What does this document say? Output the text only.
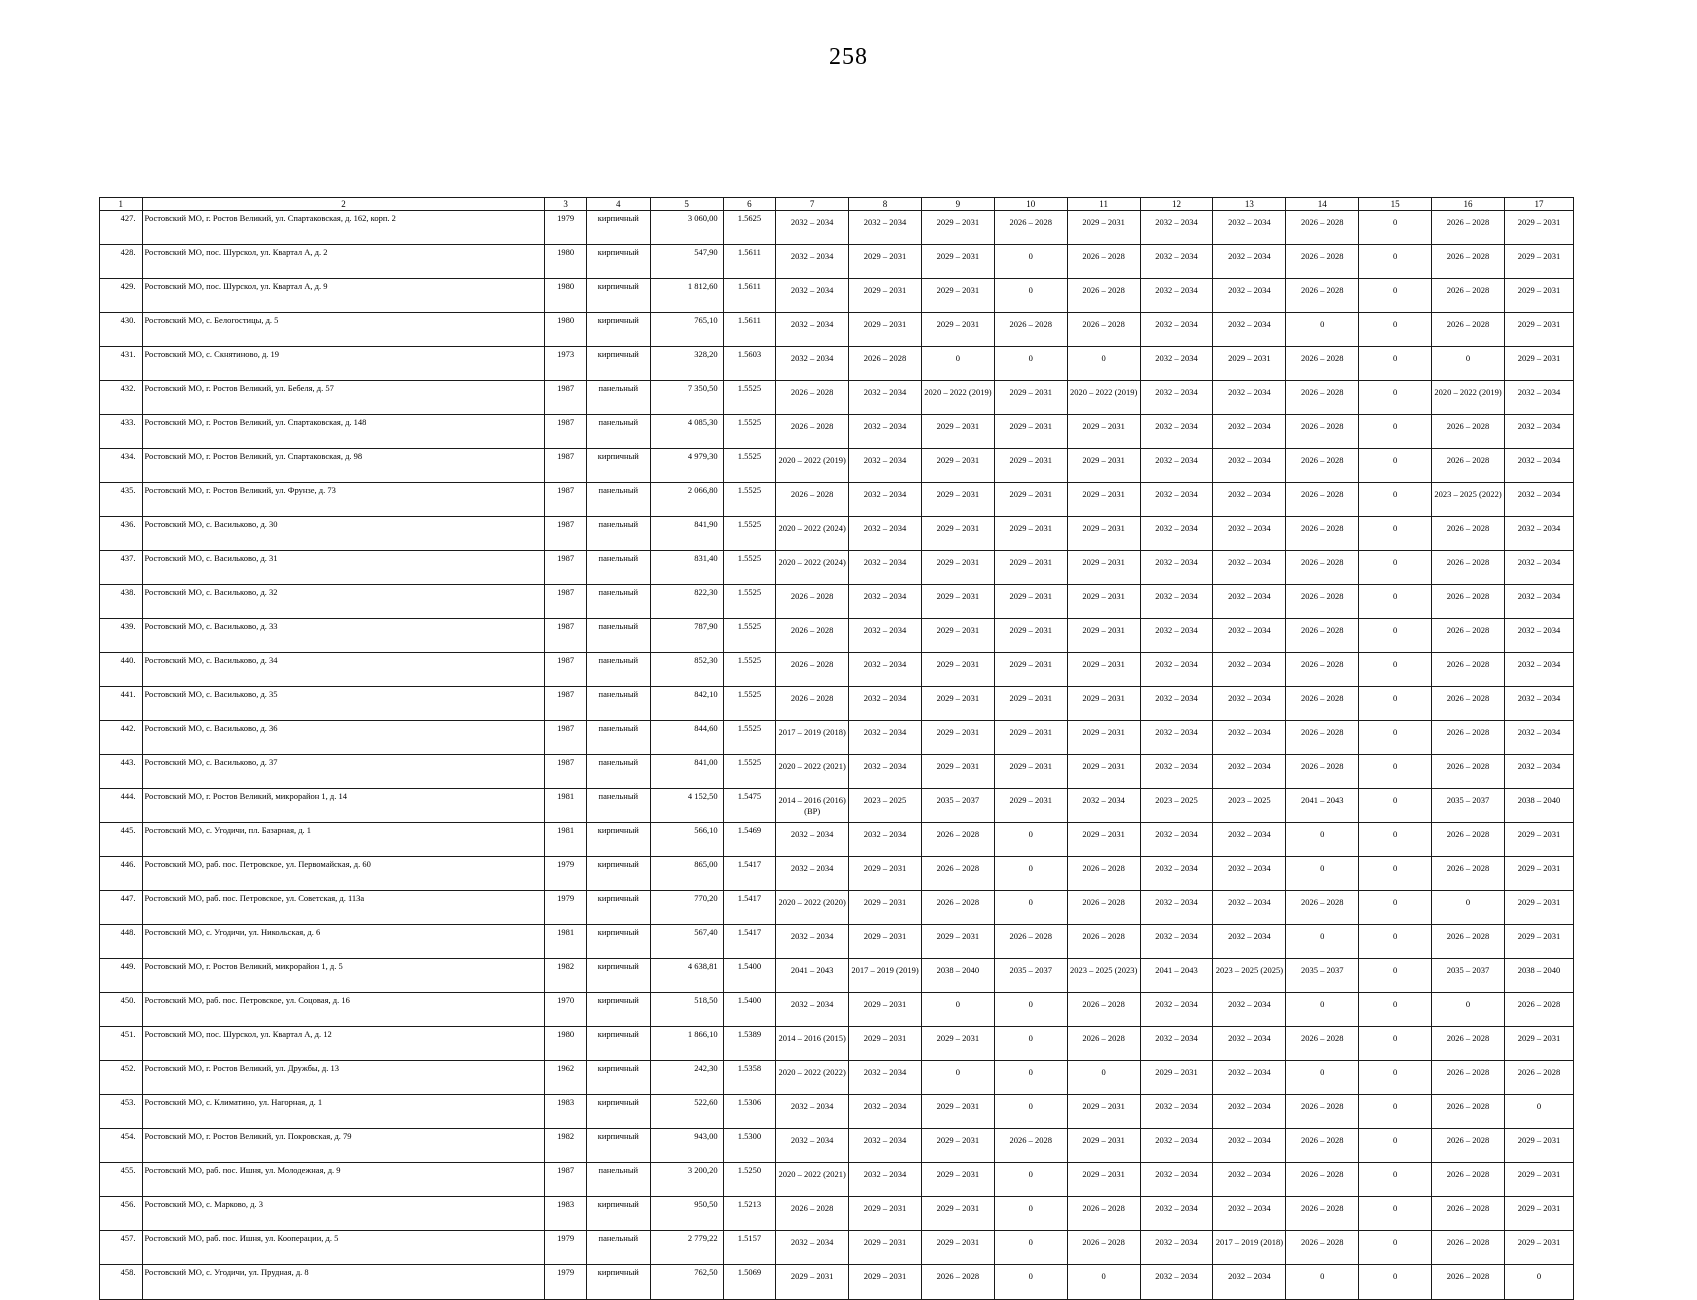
258
1	2	3	4	5	6	7	8	9	10	11	12	13	14	15	16	17
427.	Ростовский МО, г. Ростов Великий, ул. Спартаковская, д. 162, корп. 2	1979	кирпичный	3 060,00	1.5625	2032 – 2034	2032 – 2034	2029 – 2031	2026 – 2028	2029 – 2031	2032 – 2034	2032 – 2034	2026 – 2028	0	2026 – 2028	2029 – 2031
428.	Ростовский МО, пос. Шурскол, ул. Квартал А, д. 2	1980	кирпичный	547,90	1.5611	2032 – 2034	2029 – 2031	2029 – 2031	0	2026 – 2028	2032 – 2034	2032 – 2034	2026 – 2028	0	2026 – 2028	2029 – 2031
429.	Ростовский МО, пос. Шурскол, ул. Квартал А, д. 9	1980	кирпичный	1 812,60	1.5611	2032 – 2034	2029 – 2031	2029 – 2031	0	2026 – 2028	2032 – 2034	2032 – 2034	2026 – 2028	0	2026 – 2028	2029 – 2031
430.	Ростовский МО, с. Белогостицы, д. 5	1980	кирпичный	765,10	1.5611	2032 – 2034	2029 – 2031	2029 – 2031	2026 – 2028	2026 – 2028	2032 – 2034	2032 – 2034	0	0	2026 – 2028	2029 – 2031
431.	Ростовский МО, с. Скнятиново, д. 19	1973	кирпичный	328,20	1.5603	2032 – 2034	2026 – 2028	0	0	0	2032 – 2034	2029 – 2031	2026 – 2028	0	0	2029 – 2031
432.	Ростовский МО, г. Ростов Великий, ул. Бебеля, д. 57	1987	панельный	7 350,50	1.5525	2026 – 2028	2032 – 2034	2020 – 2022 (2019)	2029 – 2031	2020 – 2022 (2019)	2032 – 2034	2032 – 2034	2026 – 2028	0	2020 – 2022 (2019)	2032 – 2034
433.	Ростовский МО, г. Ростов Великий, ул. Спартаковская, д. 148	1987	панельный	4 085,30	1.5525	2026 – 2028	2032 – 2034	2029 – 2031	2029 – 2031	2029 – 2031	2032 – 2034	2032 – 2034	2026 – 2028	0	2026 – 2028	2032 – 2034
434.	Ростовский МО, г. Ростов Великий, ул. Спартаковская, д. 98	1987	кирпичный	4 979,30	1.5525	2020 – 2022 (2019)	2032 – 2034	2029 – 2031	2029 – 2031	2029 – 2031	2032 – 2034	2032 – 2034	2026 – 2028	0	2026 – 2028	2032 – 2034
435.	Ростовский МО, г. Ростов Великий, ул. Фрунзе, д. 73	1987	панельный	2 066,80	1.5525	2026 – 2028	2032 – 2034	2029 – 2031	2029 – 2031	2029 – 2031	2032 – 2034	2032 – 2034	2026 – 2028	0	2023 – 2025 (2022)	2032 – 2034
436.	Ростовский МО, с. Васильково, д. 30	1987	панельный	841,90	1.5525	2020 – 2022 (2024)	2032 – 2034	2029 – 2031	2029 – 2031	2029 – 2031	2032 – 2034	2032 – 2034	2026 – 2028	0	2026 – 2028	2032 – 2034
437.	Ростовский МО, с. Васильково, д. 31	1987	панельный	831,40	1.5525	2020 – 2022 (2024)	2032 – 2034	2029 – 2031	2029 – 2031	2029 – 2031	2032 – 2034	2032 – 2034	2026 – 2028	0	2026 – 2028	2032 – 2034
438.	Ростовский МО, с. Васильково, д. 32	1987	панельный	822,30	1.5525	2026 – 2028	2032 – 2034	2029 – 2031	2029 – 2031	2029 – 2031	2032 – 2034	2032 – 2034	2026 – 2028	0	2026 – 2028	2032 – 2034
439.	Ростовский МО, с. Васильково, д. 33	1987	панельный	787,90	1.5525	2026 – 2028	2032 – 2034	2029 – 2031	2029 – 2031	2029 – 2031	2032 – 2034	2032 – 2034	2026 – 2028	0	2026 – 2028	2032 – 2034
440.	Ростовский МО, с. Васильково, д. 34	1987	панельный	852,30	1.5525	2026 – 2028	2032 – 2034	2029 – 2031	2029 – 2031	2029 – 2031	2032 – 2034	2032 – 2034	2026 – 2028	0	2026 – 2028	2032 – 2034
441.	Ростовский МО, с. Васильково, д. 35	1987	панельный	842,10	1.5525	2026 – 2028	2032 – 2034	2029 – 2031	2029 – 2031	2029 – 2031	2032 – 2034	2032 – 2034	2026 – 2028	0	2026 – 2028	2032 – 2034
442.	Ростовский МО, с. Васильково, д. 36	1987	панельный	844,60	1.5525	2017 – 2019 (2018)	2032 – 2034	2029 – 2031	2029 – 2031	2029 – 2031	2032 – 2034	2032 – 2034	2026 – 2028	0	2026 – 2028	2032 – 2034
443.	Ростовский МО, с. Васильково, д. 37	1987	панельный	841,00	1.5525	2020 – 2022 (2021)	2032 – 2034	2029 – 2031	2029 – 2031	2029 – 2031	2032 – 2034	2032 – 2034	2026 – 2028	0	2026 – 2028	2032 – 2034
444.	Ростовский МО, г. Ростов Великий, микрорайон 1, д. 14	1981	панельный	4 152,50	1.5475	2014 – 2016 (2016) (ВР)	2023 – 2025	2035 – 2037	2029 – 2031	2032 – 2034	2023 – 2025	2023 – 2025	2041 – 2043	0	2035 – 2037	2038 – 2040
445.	Ростовский МО, с. Угодичи, пл. Базарная, д. 1	1981	кирпичный	566,10	1.5469	2032 – 2034	2032 – 2034	2026 – 2028	0	2029 – 2031	2032 – 2034	2032 – 2034	0	0	2026 – 2028	2029 – 2031
446.	Ростовский МО, раб. пос. Петровское, ул. Первомайская, д. 60	1979	кирпичный	865,00	1.5417	2032 – 2034	2029 – 2031	2026 – 2028	0	2026 – 2028	2032 – 2034	2032 – 2034	0	0	2026 – 2028	2029 – 2031
447.	Ростовский МО, раб. пос. Петровское, ул. Советская, д. 113а	1979	кирпичный	770,20	1.5417	2020 – 2022 (2020)	2029 – 2031	2026 – 2028	0	2026 – 2028	2032 – 2034	2032 – 2034	2026 – 2028	0	0	2029 – 2031
448.	Ростовский МО, с. Угодичи, ул. Никольская, д. 6	1981	кирпичный	567,40	1.5417	2032 – 2034	2029 – 2031	2029 – 2031	2026 – 2028	2026 – 2028	2032 – 2034	2032 – 2034	0	0	2026 – 2028	2029 – 2031
449.	Ростовский МО, г. Ростов Великий, микрорайон 1, д. 5	1982	кирпичный	4 638,81	1.5400	2041 – 2043	2017 – 2019 (2019)	2038 – 2040	2035 – 2037	2023 – 2025 (2023)	2041 – 2043	2023 – 2025 (2025)	2035 – 2037	0	2035 – 2037	2038 – 2040
450.	Ростовский МО, раб. пос. Петровское, ул. Соцовая, д. 16	1970	кирпичный	518,50	1.5400	2032 – 2034	2029 – 2031	0	0	2026 – 2028	2032 – 2034	2032 – 2034	0	0	0	2026 – 2028
451.	Ростовский МО, пос. Шурскол, ул. Квартал А, д. 12	1980	кирпичный	1 866,10	1.5389	2014 – 2016 (2015)	2029 – 2031	2029 – 2031	0	2026 – 2028	2032 – 2034	2032 – 2034	2026 – 2028	0	2026 – 2028	2029 – 2031
452.	Ростовский МО, г. Ростов Великий, ул. Дружбы, д. 13	1962	кирпичный	242,30	1.5358	2020 – 2022 (2022)	2032 – 2034	0	0	0	2029 – 2031	2032 – 2034	0	0	2026 – 2028	2026 – 2028
453.	Ростовский МО, с. Климатино, ул. Нагорная, д. 1	1983	кирпичный	522,60	1.5306	2032 – 2034	2032 – 2034	2029 – 2031	0	2029 – 2031	2032 – 2034	2032 – 2034	2026 – 2028	0	2026 – 2028	0
454.	Ростовский МО, г. Ростов Великий, ул. Покровская, д. 79	1982	кирпичный	943,00	1.5300	2032 – 2034	2032 – 2034	2029 – 2031	2026 – 2028	2029 – 2031	2032 – 2034	2032 – 2034	2026 – 2028	0	2026 – 2028	2029 – 2031
455.	Ростовский МО, раб. пос. Ишня, ул. Молодежная, д. 9	1987	панельный	3 200,20	1.5250	2020 – 2022 (2021)	2032 – 2034	2029 – 2031	0	2029 – 2031	2032 – 2034	2032 – 2034	2026 – 2028	0	2026 – 2028	2029 – 2031
456.	Ростовский МО, с. Марково, д. 3	1983	кирпичный	950,50	1.5213	2026 – 2028	2029 – 2031	2029 – 2031	0	2026 – 2028	2032 – 2034	2032 – 2034	2026 – 2028	0	2026 – 2028	2029 – 2031
457.	Ростовский МО, раб. пос. Ишня, ул. Кооперации, д. 5	1979	панельный	2 779,22	1.5157	2032 – 2034	2029 – 2031	2029 – 2031	0	2026 – 2028	2032 – 2034	2017 – 2019 (2018)	2026 – 2028	0	2026 – 2028	2029 – 2031
458.	Ростовский МО, с. Угодичи, ул. Прудная, д. 8	1979	кирпичный	762,50	1.5069	2029 – 2031	2029 – 2031	2026 – 2028	0	0	2032 – 2034	2032 – 2034	0	0	2026 – 2028	0
